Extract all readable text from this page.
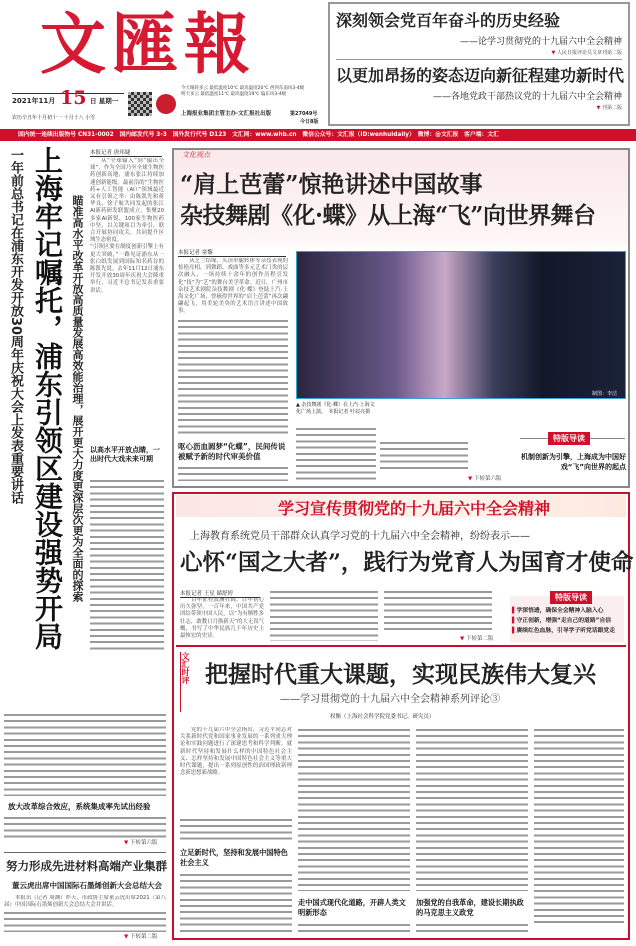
文匯報
2021年11月 15 日 星期一
农历辛丑年十月初十一 十月十八 小雪
今天晴转多云 最低温度10℃ 最高温度20℃ 西到东南风3-4级
明天多云 最低温度11℃ 最高温度19℃ 偏东风3-4级
上海报业集团主管主办·文汇报社出版	第27049号
今日8版
国内统一连续出版物号 CN31-0002　国内邮发代号 3-3　国外发行代号 D123　文汇网：www.whb.cn　微信公众号：文汇报（ID:wenhuidaily）　微博：@文汇报　客户端：文汇
深刻领会党百年奋斗的历史经验
——论学习贯彻党的十九届六中全会精神
▼ 人民日报评论员文章刊第二版
以更加昂扬的姿态迈向新征程建功新时代
——各地党政干部热议党的十九届六中全会精神
▼ 刊第二版
一年前总书记在浦东开发开放30周年庆祝大会上发表重要讲话 上海牢记嘱托，浦东引领区建设强势开局 瞄准高水平改革开放高质量发展高效能治理，展开更大力度更深层次更为全面的探索
本报记者 唐玮婕
从“全球输入”到“输出全球”，作为全国乃至全球生物医药创新高地，浦东张江持续加速创新能级。最前沿的“生物医药+人工智能（AI）”领域最近又有引领之举：由陈凯先和蒋华良、徐子航共同发起的张江AI新药研发联盟成立，集聚20多家AI新锐、100家生物医药中坚，以关键项目为牵引，联合开展协同攻关，共同提升区域生态密度。
“引领区要在制度创新引擎上有更大突破，”一路见证浦东从一张白纸发展到国际知名药谷的陈凯先说。去年11月12日浦东开发开放30周年庆祝大会隆重举行，习近平总书记发表重要讲话。
以高水平开放点睛，一出时代大戏未来可期
放大改革综合效应，系统集成率先试出经验
▼ 下转第六版
努力形成先进材料高端产业集群
董云虎出席中国国际石墨烯创新大会总结大会
本报讯（记者 周渊）昨天，市政协主席董云虎出席2021（第八届）中国国际石墨烯创新大会总结大会并讲话。
▼ 下转第二版
文化视点
“肩上芭蕾”惊艳讲述中国故事
杂技舞剧《化·蝶》从上海“飞”向世界舞台
本报记者 童黎
从芝兰结缘、头顶单腿转体等杂技表现的惊艳亮相，到舞蹈、戏曲等多元艺术门类的层次融入，一场持续十余年的创作历程引发化“技”为“艺”的舞台美学革命。近日，广州市杂技艺术剧院杂技舞剧《化·蝶》登陆上汽·上海文化广场，曾摘得世界的“肩上芭蕾”再次翩翩起飞，用美轮美奂的艺术语言讲述中国故事。
制图：李洁
▲ 杂技舞剧《化·蝶》在上汽·上海文化广场上演。　本报记者 叶辰亮摄
呕心沥血圆梦“化蝶”，民间传说被赋予新的时代审美价值
▼ 下转第六版
特版导读
机制创新为引擎，上海成为中国好戏“飞”向世界的起点
学习宣传贯彻党的十九届六中全会精神
上海教育系统党员干部群众认真学习党的十九届六中全会精神，纷纷表示——
心怀“国之大者”，践行为党育人为国育才使命
本报记者 王星 储舒婷
百年征程波澜壮阔，百年初心历久弥坚。一百年来，中国共产党团结带领中国人民，以“为有牺牲多壮志，敢教日月换新天”的大无畏气概，书写了中华民族几千年历史上最恢宏的史诗。	▼ 下转第二版
特版导读
▌学深悟透，确保全会精神入脑入心
▌守正创新，增强“走自己的道路”自信
▌赓续红色血脉，引导学子听党话跟党走
文汇时评 把握时代重大课题，实现民族伟大复兴
——学习贯彻党的十九届六中全会精神系列评论③
权衡（上海社会科学院党委书记、研究员）
党的十九届六中全会指出，习近平同志对关系新时代党和国家事业发展的一系列重大理论和实践问题进行了深邃思考和科学判断，就新时代坚持和发展什么样的中国特色社会主义、怎样坚持和发展中国特色社会主义等重大时代课题，提出一系列原创性的治国理政新理念新思想新战略。
立足新时代，坚持和发展中国特色社会主义
走中国式现代化道路，开辟人类文明新形态
加强党的自我革命，建设长期执政的马克思主义政党
